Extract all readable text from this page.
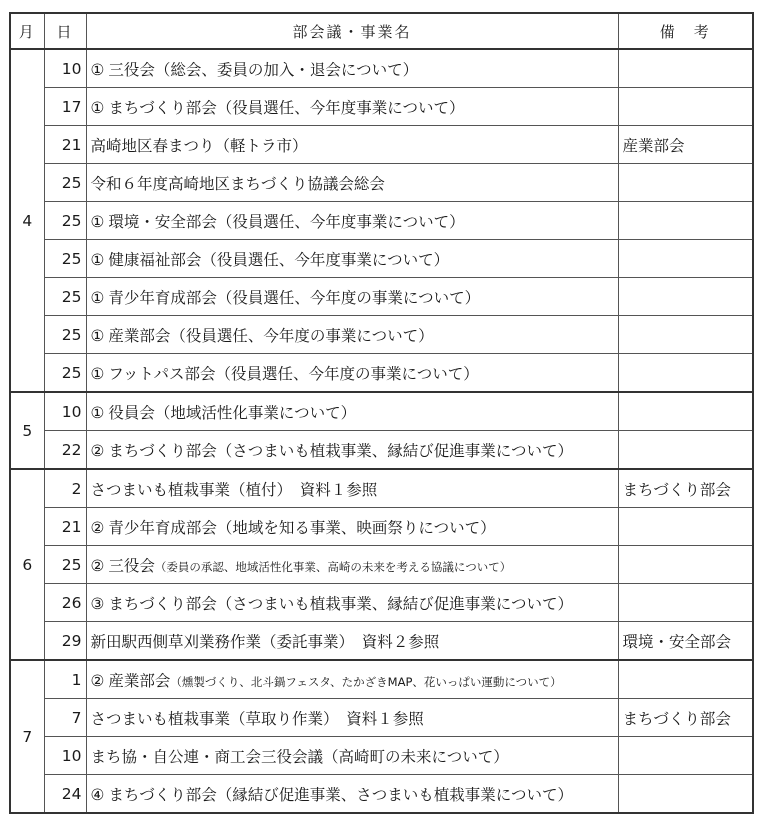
月	日	部会議・事業名	備　考
4	10	① 三役会（総会、委員の加入・退会について）	
	17	① まちづくり部会（役員選任、今年度事業について）	
	21	高崎地区春まつり（軽トラ市）	産業部会
	25	令和６年度高崎地区まちづくり協議会総会	
	25	① 環境・安全部会（役員選任、今年度事業について）	
	25	① 健康福祉部会（役員選任、今年度事業について）	
	25	① 青少年育成部会（役員選任、今年度の事業について）	
	25	① 産業部会（役員選任、今年度の事業について）	
	25	① フットパス部会（役員選任、今年度の事業について）	
5	10	① 役員会（地域活性化事業について）	
	22	② まちづくり部会（さつまいも植栽事業、縁結び促進事業について）	
6	2	さつまいも植栽事業（植付）　資料１参照	まちづくり部会
	21	② 青少年育成部会（地域を知る事業、映画祭りについて）	
	25	② 三役会（委員の承認、地域活性化事業、高崎の未来を考える協議について）	
	26	③ まちづくり部会（さつまいも植栽事業、縁結び促進事業について）	
	29	新田駅西側草刈業務作業（委託事業）　資料２参照	環境・安全部会
7	1	② 産業部会（燻製づくり、北斗鍋フェスタ、たかざきMAP、花いっぱい運動について）	
	7	さつまいも植栽事業（草取り作業）　資料１参照	まちづくり部会
	10	まち協・自公連・商工会三役会議（高崎町の未来について）	
	24	④ まちづくり部会（縁結び促進事業、さつまいも植栽事業について）	
